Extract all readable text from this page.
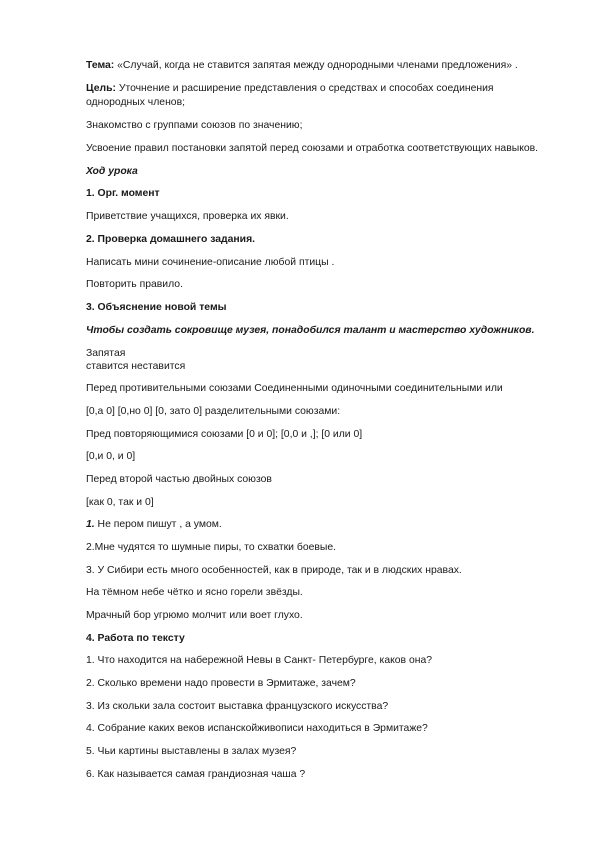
Тема: «Случай, когда не ставится запятая между однородными членами предложения» .
Цель: Уточнение и расширение представления о средствах и способах соединения
однородных членов;
Знакомство с группами союзов по значению;
Усвоение правил постановки запятой перед союзами и отработка соответствующих навыков.
Ход урока
1. Орг. момент
Приветствие учащихся, проверка их явки.
2. Проверка домашнего задания.
Написать мини сочинение-описание любой птицы .
Повторить правило.
3. Объяснение новой темы
Чтобы создать сокровище музея, понадобился талант и мастерство художников.
Запятая
ставится неставится
Перед противительными союзами Соединенными одиночными соединительными или
[0,а 0] [0,но 0] [0, зато 0] разделительными союзами:
Пред повторяющимися союзами [0 и 0]; [0,0 и ,]; [0 или 0]
[0,и 0, и 0]
Перед второй частью двойных союзов
[как 0, так и 0]
1. Не пером пишут , а умом.
2.Мне чудятся то шумные пиры, то схватки боевые.
3. У Сибири есть много особенностей, как в природе, так и в людских нравах.
На тёмном небе чётко и ясно горели звёзды.
Мрачный бор угрюмо молчит или воет глухо.
4. Работа по тексту
1. Что находится на набережной Невы в Санкт- Петербурге, каков она?
2. Сколько времени надо провести в Эрмитаже, зачем?
3. Из скольки зала состоит выставка французского искусства?
4. Собрание каких веков испанскойживописи находиться в Эрмитаже?
5. Чьи картины выставлены в залах музея?
6. Как называется самая грандиозная чаша ?
